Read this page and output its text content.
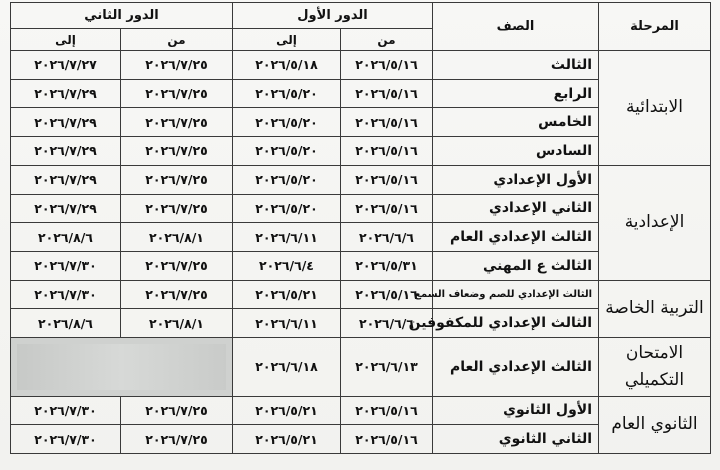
المرحلة	الصف	الدور الأول		الدور الثاني	
		من	إلى	من	إلى
الابتدائية	الثالث	٢٠٢٦/٥/١٦	٢٠٢٦/٥/١٨	٢٠٢٦/٧/٢٥	٢٠٢٦/٧/٢٧
	الرابع	٢٠٢٦/٥/١٦	٢٠٢٦/٥/٢٠	٢٠٢٦/٧/٢٥	٢٠٢٦/٧/٢٩
	الخامس	٢٠٢٦/٥/١٦	٢٠٢٦/٥/٢٠	٢٠٢٦/٧/٢٥	٢٠٢٦/٧/٢٩
	السادس	٢٠٢٦/٥/١٦	٢٠٢٦/٥/٢٠	٢٠٢٦/٧/٢٥	٢٠٢٦/٧/٢٩
الإعدادية	الأول الإعدادي	٢٠٢٦/٥/١٦	٢٠٢٦/٥/٢٠	٢٠٢٦/٧/٢٥	٢٠٢٦/٧/٢٩
	الثاني الإعدادي	٢٠٢٦/٥/١٦	٢٠٢٦/٥/٢٠	٢٠٢٦/٧/٢٥	٢٠٢٦/٧/٢٩
	الثالث الإعدادي العام	٢٠٢٦/٦/٦	٢٠٢٦/٦/١١	٢٠٢٦/٨/١	٢٠٢٦/٨/٦
	الثالث ع المهني	٢٠٢٦/٥/٣١	٢٠٢٦/٦/٤	٢٠٢٦/٧/٢٥	٢٠٢٦/٧/٣٠
التربية الخاصة	الثالث الإعدادي للصم وضعاف السمع	٢٠٢٦/٥/١٦	٢٠٢٦/٥/٢١	٢٠٢٦/٧/٢٥	٢٠٢٦/٧/٣٠
	الثالث الإعدادي للمكفوفين	٢٠٢٦/٦/٦	٢٠٢٦/٦/١١	٢٠٢٦/٨/١	٢٠٢٦/٨/٦
الامتحان التكميلي	الثالث الإعدادي العام	٢٠٢٦/٦/١٣	٢٠٢٦/٦/١٨		

الثانوي العام	الأول الثانوي	٢٠٢٦/٥/١٦	٢٠٢٦/٥/٢١	٢٠٢٦/٧/٢٥	٢٠٢٦/٧/٣٠
	الثاني الثانوي	٢٠٢٦/٥/١٦	٢٠٢٦/٥/٢١	٢٠٢٦/٧/٢٥	٢٠٢٦/٧/٣٠
